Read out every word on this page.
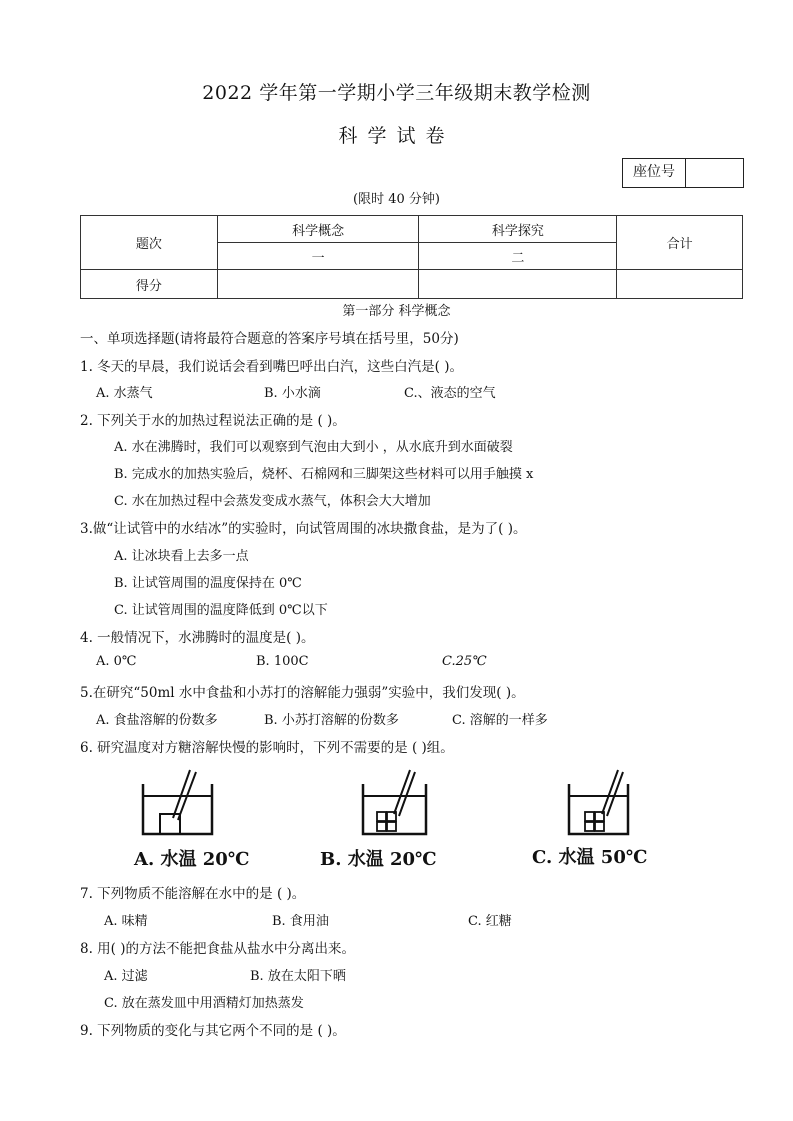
2022 学年第一学期小学三年级期末教学检测
科学试卷
座位号
(限时 40 分钟)
题次	科学概念	科学探究	合计
	一	二	
得分			
第一部分 科学概念
一、单项选择题(请将最符合题意的答案序号填在括号里，50分)
1. 冬天的早晨，我们说话会看到嘴巴呼出白汽，这些白汽是( )。
A. 水蒸气	B. 小水滴	C.、液态的空气
2. 下列关于水的加热过程说法正确的是 ( )。
A. 水在沸腾时，我们可以观察到气泡由大到小 ，从水底升到水面破裂
B. 完成水的加热实验后，烧杯、石棉网和三脚架这些材料可以用手触摸 x
C. 水在加热过程中会蒸发变成水蒸气，体积会大大增加
3.做“让试管中的水结冰”的实验时，向试管周围的冰块撒食盐，是为了( )。
A. 让冰块看上去多一点
B. 让试管周围的温度保持在 0℃
C. 让试管周围的温度降低到 0℃以下
4. 一般情况下，水沸腾时的温度是( )。
A. 0℃	B. 100C	C.25℃
5.在研究“50ml 水中食盐和小苏打的溶解能力强弱”实验中，我们发现( )。
A. 食盐溶解的份数多	B. 小苏打溶解的份数多	C. 溶解的一样多
6. 研究温度对方糖溶解快慢的影响时，下列不需要的是 ( )组。
A. 水温 20℃	B. 水温 20℃	C. 水温 50℃
7. 下列物质不能溶解在水中的是 ( )。
A. 味精	B. 食用油	C. 红糖
8. 用( )的方法不能把食盐从盐水中分离出来。
A. 过滤	B. 放在太阳下晒
C. 放在蒸发皿中用酒精灯加热蒸发
9. 下列物质的变化与其它两个不同的是 ( )。
